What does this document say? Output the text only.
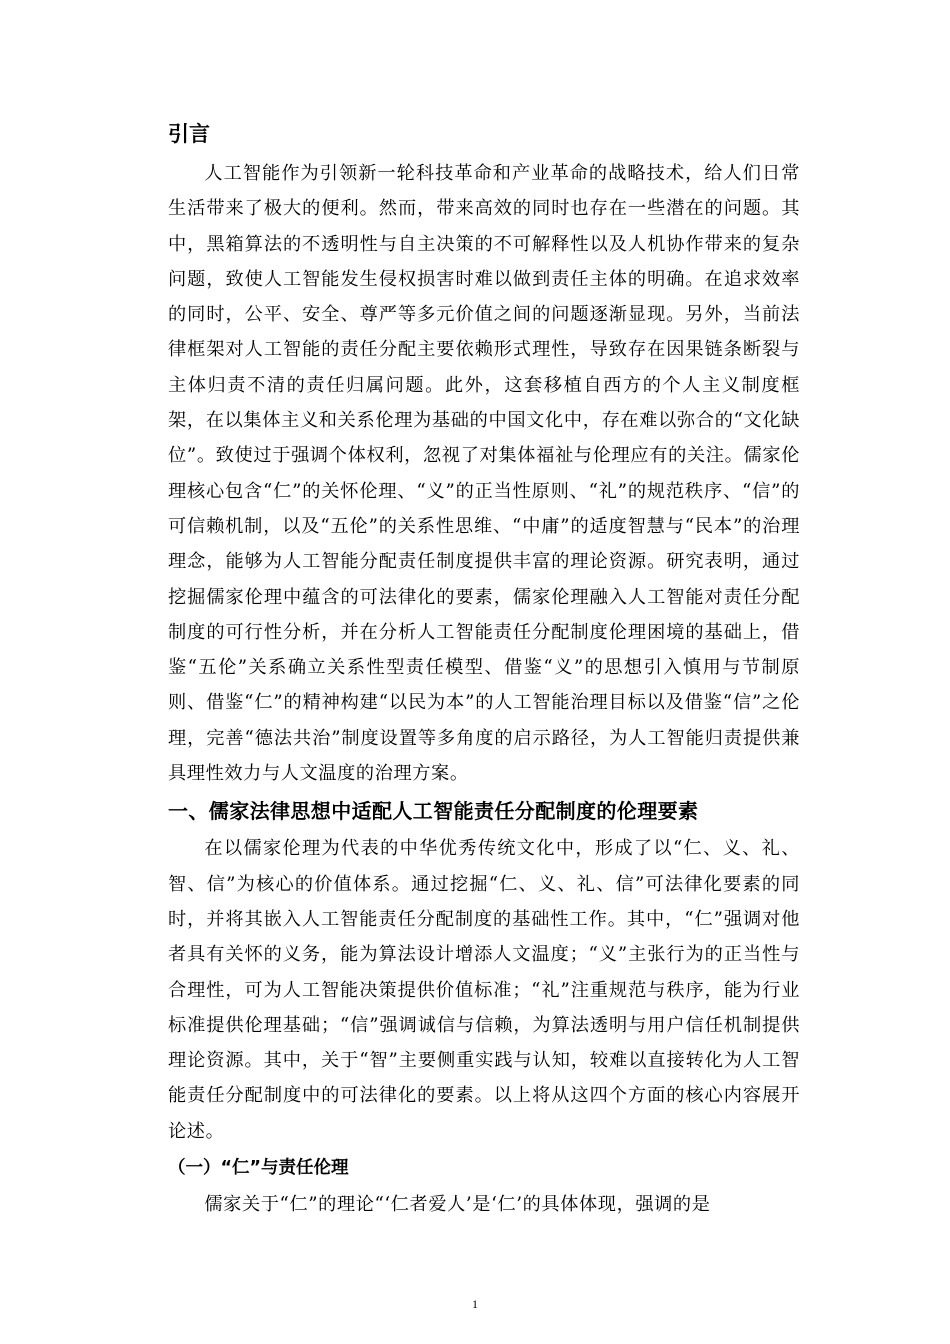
引言

人工智能作为引领新一轮科技革命和产业革命的战略技术，给人们日常生活带来了极大的便利。然而，带来高效的同时也存在一些潜在的问题。其中，黑箱算法的不透明性与自主决策的不可解释性以及人机协作带来的复杂问题，致使人工智能发生侵权损害时难以做到责任主体的明确。在追求效率的同时，公平、安全、尊严等多元价值之间的问题逐渐显现。另外，当前法律框架对人工智能的责任分配主要依赖形式理性，导致存在因果链条断裂与主体归责不清的责任归属问题。此外，这套移植自西方的个人主义制度框架，在以集体主义和关系伦理为基础的中国文化中，存在难以弥合的“文化缺位”。致使过于强调个体权利，忽视了对集体福祉与伦理应有的关注。儒家伦理核心包含“仁”的关怀伦理、“义”的正当性原则、“礼”的规范秩序、“信”的可信赖机制，以及“五伦”的关系性思维、“中庸”的适度智慧与“民本”的治理理念，能够为人工智能分配责任制度提供丰富的理论资源。研究表明，通过挖掘儒家伦理中蕴含的可法律化的要素，儒家伦理融入人工智能对责任分配制度的可行性分析，并在分析人工智能责任分配制度伦理困境的基础上，借鉴“五伦”关系确立关系性型责任模型、借鉴“义”的思想引入慎用与节制原则、借鉴“仁”的精神构建“以民为本”的人工智能治理目标以及借鉴“信”之伦理，完善“德法共治”制度设置等多角度的启示路径，为人工智能归责提供兼具理性效力与人文温度的治理方案。

一、儒家法律思想中适配人工智能责任分配制度的伦理要素

在以儒家伦理为代表的中华优秀传统文化中，形成了以“仁、义、礼、智、信”为核心的价值体系。通过挖掘“仁、义、礼、信”可法律化要素的同时，并将其嵌入人工智能责任分配制度的基础性工作。其中，“仁”强调对他者具有关怀的义务，能为算法设计增添人文温度；“义”主张行为的正当性与合理性，可为人工智能决策提供价值标准；“礼”注重规范与秩序，能为行业标准提供伦理基础；“信”强调诚信与信赖，为算法透明与用户信任机制提供理论资源。其中，关于“智”主要侧重实践与认知，较难以直接转化为人工智能责任分配制度中的可法律化的要素。以上将从这四个方面的核心内容展开论述。

（一）“仁”与责任伦理

儒家关于“仁”的理论“‘仁者爱人’是‘仁’的具体体现，强调的是

1
